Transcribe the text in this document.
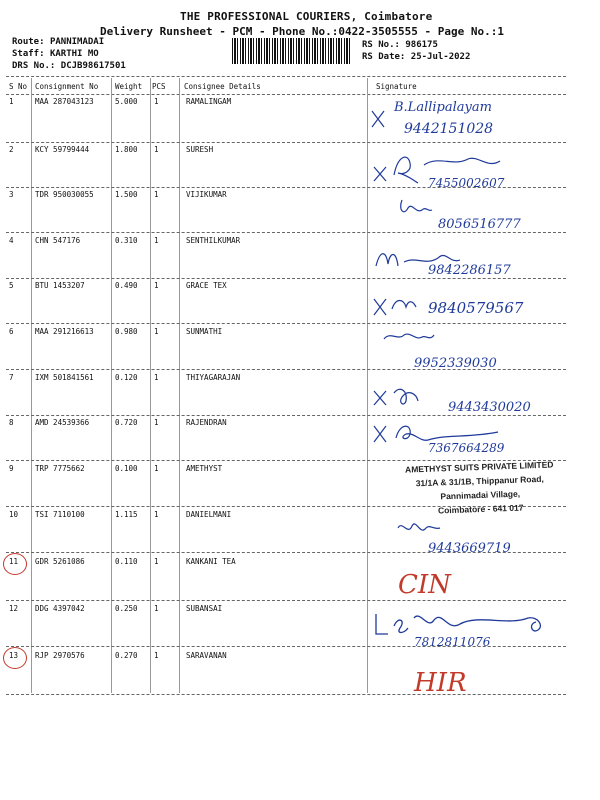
THE PROFESSIONAL COURIERS, Coimbatore
Delivery Runsheet - PCM - Phone No.:0422-3505555 - Page No.:1
Route: PANNIMADAI
Staff: KARTHI MO
DRS No.: DCJB98617501
RS No.: 986175
RS Date: 25-Jul-2022
S No Consignment No Weight PCS Consignee Details	Signature
1	MAA 287043123	5.000 1	RAMALINGAM	B.Lallipalayam
9442151028
2	KCY 59799444	1.800 1	SURESH
7455002607
3	TDR 950030055	1.500 1	VIJIKUMAR
8056516777
4	CHN 547176	0.310 1	SENTHILKUMAR
9842286157
5	BTU 1453207	0.490 1	GRACE TEX
9840579567
6	MAA 291216613	0.980 1	SUNMATHI
9952339030
7	IXM 501841561	0.120 1	THIYAGARAJAN
9443430020
8	AMD 24539366	0.720 1	RAJENDRAN
7367664289
9	TRP 7775662	0.100 1	AMETHYST	AMETHYST SUITS PRIVATE LIMITED
31/1A & 31/1B, Thippanur Road,
Pannimadai Village,
Coimbatore - 641 017
10 TSI 7110100	1.115 1	DANIELMANI
9443669719
11 GDR 5261086	0.110 1	KANKANI TEA
CIN
12 DDG 4397042	0.250 1	SUBANSAI
7812811076
13 RJP 2970576	0.270 1	SARAVANAN
HIR
